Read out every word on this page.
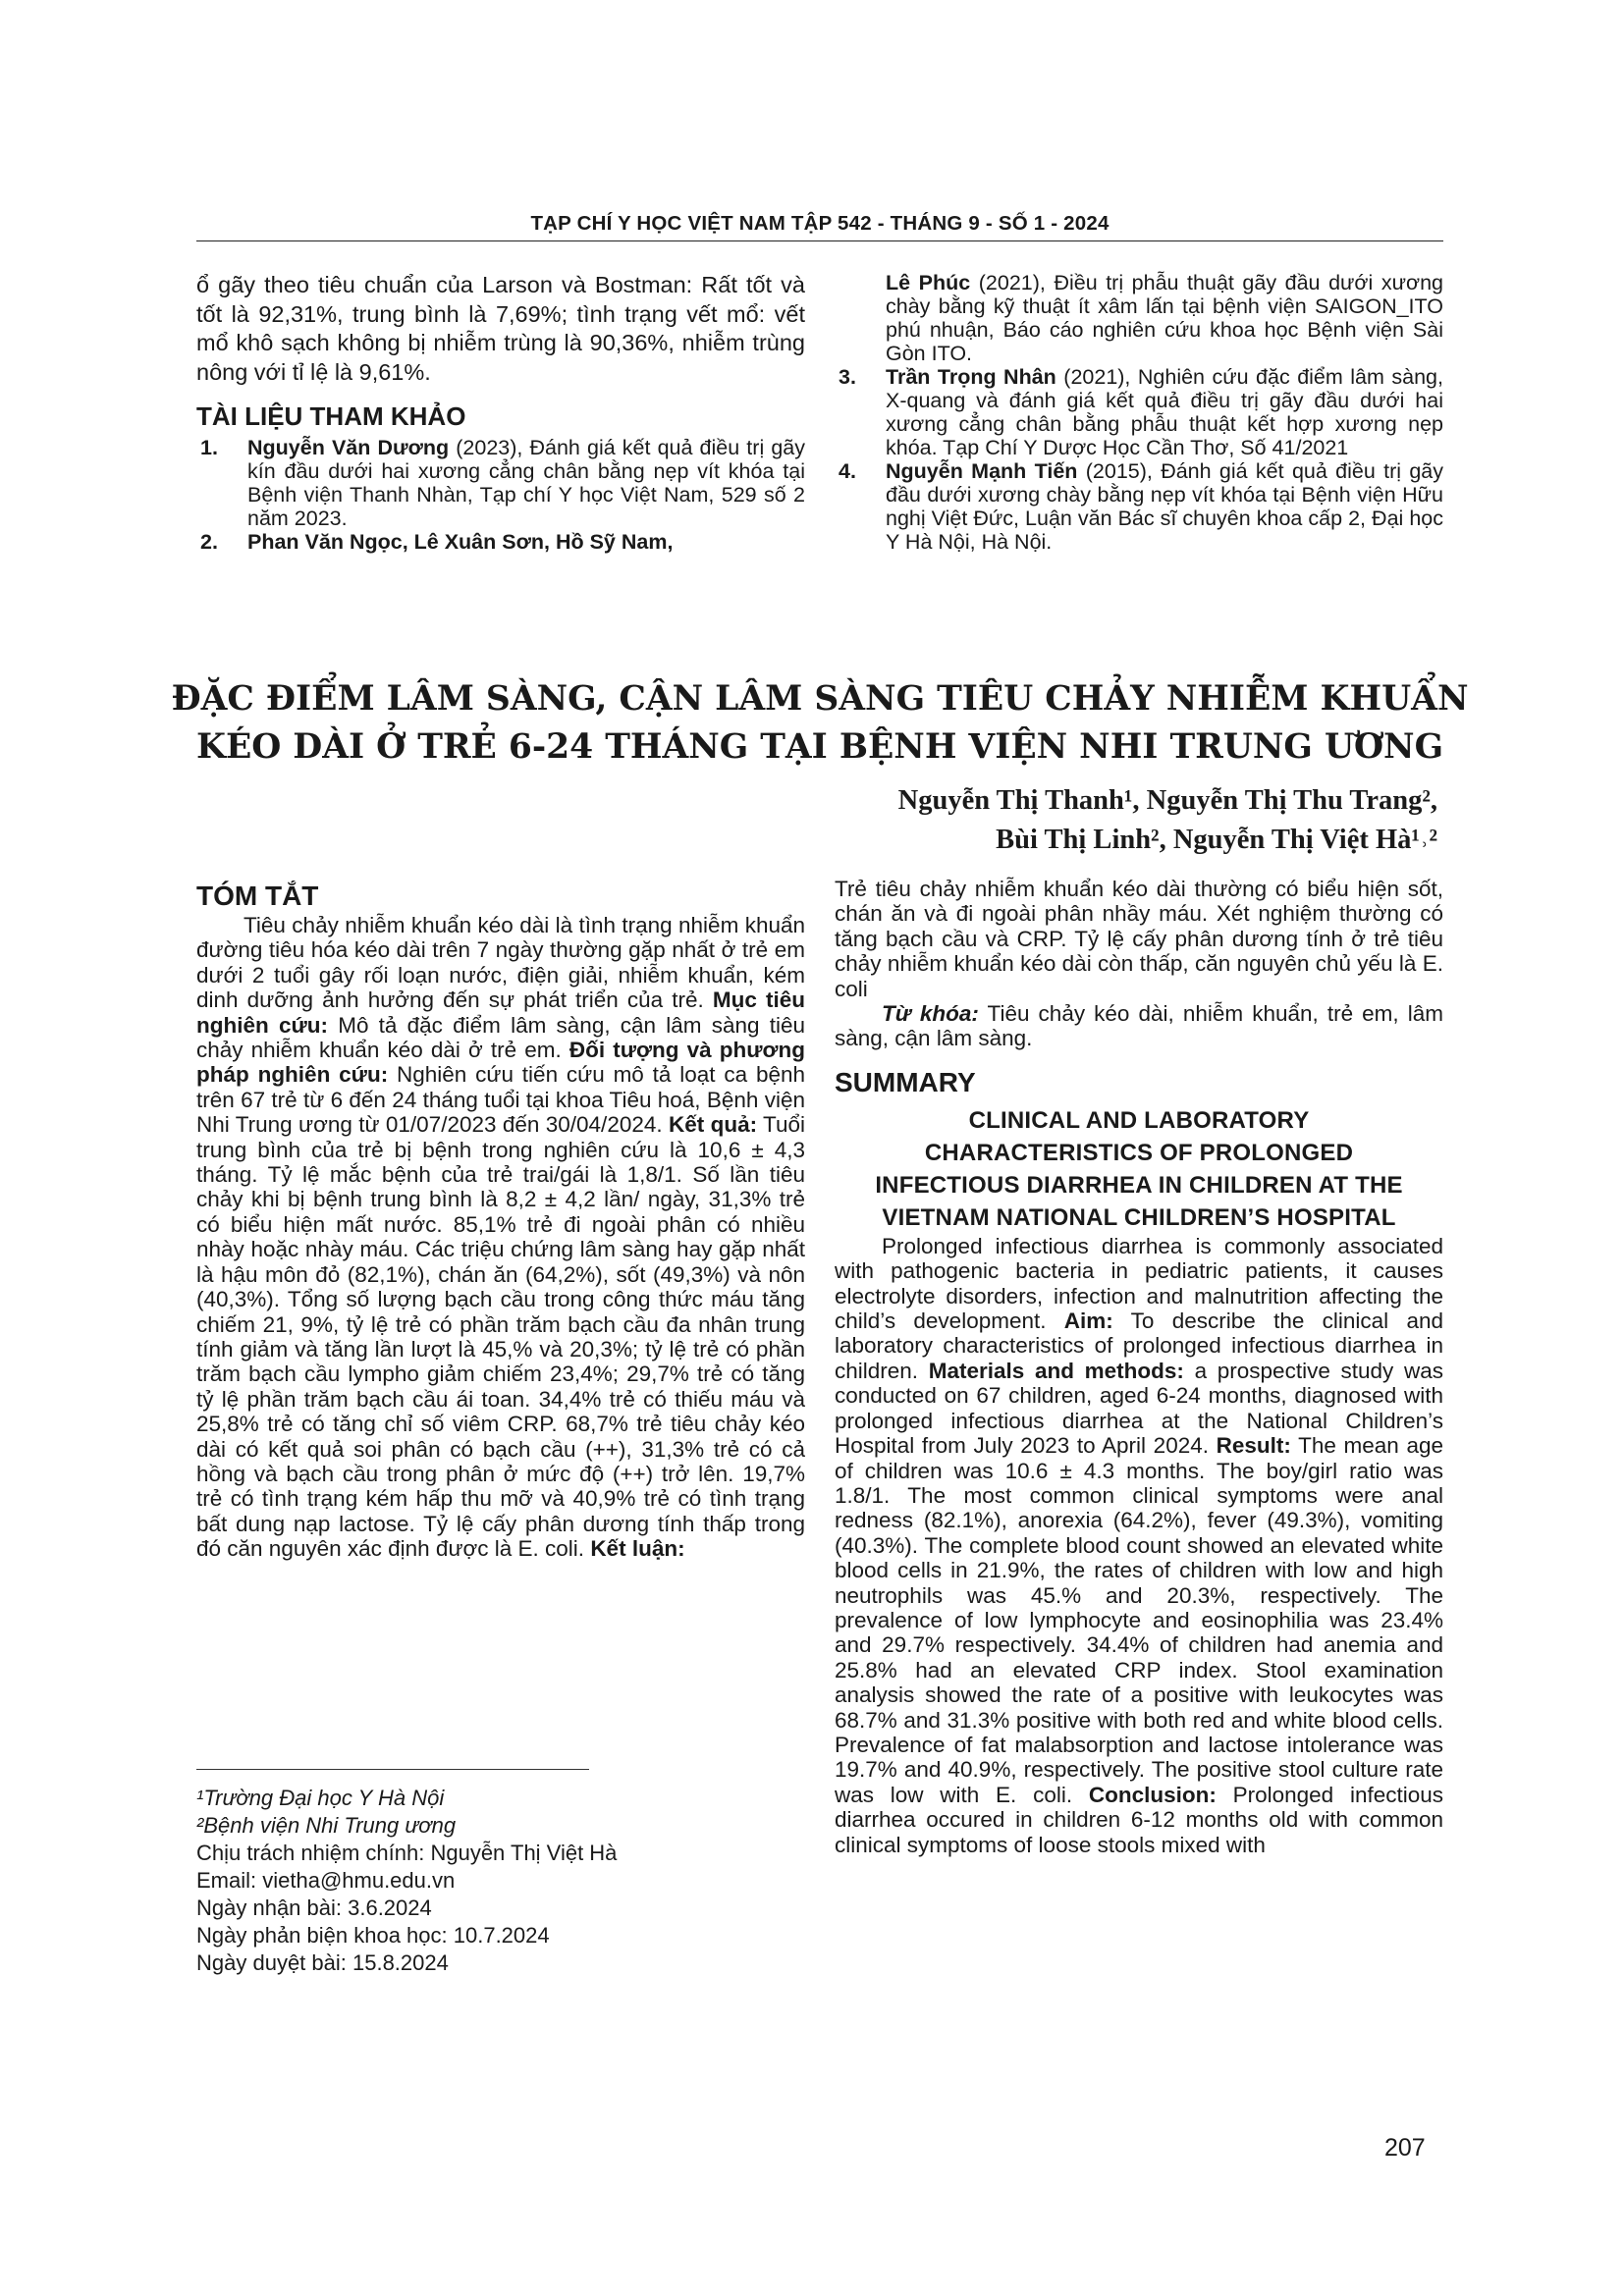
TẠP CHÍ Y HỌC VIỆT NAM TẬP 542 - THÁNG 9 - SỐ 1 - 2024
ổ gãy theo tiêu chuẩn của Larson và Bostman: Rất tốt và tốt là 92,31%, trung bình là 7,69%; tình trạng vết mổ: vết mổ khô sạch không bị nhiễm trùng là 90,36%, nhiễm trùng nông với tỉ lệ là 9,61%.
TÀI LIỆU THAM KHẢO
1.	Nguyễn Văn Dương (2023), Đánh giá kết quả điều trị gãy kín đầu dưới hai xương cẳng chân bằng nẹp vít khóa tại Bệnh viện Thanh Nhàn, Tạp chí Y học Việt Nam, 529 số 2 năm 2023.
2.	Phan Văn Ngọc, Lê Xuân Sơn, Hồ Sỹ Nam,
Lê Phúc (2021), Điều trị phẫu thuật gãy đầu dưới xương chày bằng kỹ thuật ít xâm lấn tại bệnh viện SAIGON_ITO phú nhuận, Báo cáo nghiên cứu khoa học Bệnh viện Sài Gòn ITO.
3.	Trần Trọng Nhân (2021), Nghiên cứu đặc điểm lâm sàng, X-quang và đánh giá kết quả điều trị gãy đầu dưới hai xương cẳng chân bằng phẫu thuật kết hợp xương nẹp khóa. Tạp Chí Y Dược Học Cần Thơ, Số 41/2021
4.	Nguyễn Mạnh Tiến (2015), Đánh giá kết quả điều trị gãy đầu dưới xương chày bằng nẹp vít khóa tại Bệnh viện Hữu nghị Việt Đức, Luận văn Bác sĩ chuyên khoa cấp 2, Đại học Y Hà Nội, Hà Nội.
ĐẶC ĐIỂM LÂM SÀNG, CẬN LÂM SÀNG TIÊU CHẢY NHIỄM KHUẨN
KÉO DÀI Ở TRẺ 6-24 THÁNG TẠI BỆNH VIỆN NHI TRUNG ƯƠNG
Nguyễn Thị Thanh¹, Nguyễn Thị Thu Trang²,
Bùi Thị Linh², Nguyễn Thị Việt Hà¹˒²
TÓM TẮT
Tiêu chảy nhiễm khuẩn kéo dài là tình trạng nhiễm khuẩn đường tiêu hóa kéo dài trên 7 ngày thường gặp nhất ở trẻ em dưới 2 tuổi gây rối loạn nước, điện giải, nhiễm khuẩn, kém dinh dưỡng ảnh hưởng đến sự phát triển của trẻ. Mục tiêu nghiên cứu: Mô tả đặc điểm lâm sàng, cận lâm sàng tiêu chảy nhiễm khuẩn kéo dài ở trẻ em. Đối tượng và phương pháp nghiên cứu: Nghiên cứu tiến cứu mô tả loạt ca bệnh trên 67 trẻ từ 6 đến 24 tháng tuổi tại khoa Tiêu hoá, Bệnh viện Nhi Trung ương từ 01/07/2023 đến 30/04/2024. Kết quả: Tuổi trung bình của trẻ bị bệnh trong nghiên cứu là 10,6 ± 4,3 tháng. Tỷ lệ mắc bệnh của trẻ trai/gái là 1,8/1. Số lần tiêu chảy khi bị bệnh trung bình là 8,2 ± 4,2 lần/ ngày, 31,3% trẻ có biểu hiện mất nước. 85,1% trẻ đi ngoài phân có nhiều nhày hoặc nhày máu. Các triệu chứng lâm sàng hay gặp nhất là hậu môn đỏ (82,1%), chán ăn (64,2%), sốt (49,3%) và nôn (40,3%). Tổng số lượng bạch cầu trong công thức máu tăng chiếm 21, 9%, tỷ lệ trẻ có phần trăm bạch cầu đa nhân trung tính giảm và tăng lần lượt là 45,% và 20,3%; tỷ lệ trẻ có phần trăm bạch cầu lympho giảm chiếm 23,4%; 29,7% trẻ có tăng tỷ lệ phần trăm bạch cầu ái toan. 34,4% trẻ có thiếu máu và 25,8% trẻ có tăng chỉ số viêm CRP. 68,7% trẻ tiêu chảy kéo dài có kết quả soi phân có bạch cầu (++), 31,3% trẻ có cả hồng và bạch cầu trong phân ở mức độ (++) trở lên. 19,7% trẻ có tình trạng kém hấp thu mỡ và 40,9% trẻ có tình trạng bất dung nạp lactose. Tỷ lệ cấy phân dương tính thấp trong đó căn nguyên xác định được là E. coli. Kết luận:
¹Trường Đại học Y Hà Nội
²Bệnh viện Nhi Trung ương
Chịu trách nhiệm chính: Nguyễn Thị Việt Hà
Email: vietha@hmu.edu.vn
Ngày nhận bài: 3.6.2024
Ngày phản biện khoa học: 10.7.2024
Ngày duyệt bài: 15.8.2024
Trẻ tiêu chảy nhiễm khuẩn kéo dài thường có biểu hiện sốt, chán ăn và đi ngoài phân nhầy máu. Xét nghiệm thường có tăng bạch cầu và CRP. Tỷ lệ cấy phân dương tính ở trẻ tiêu chảy nhiễm khuẩn kéo dài còn thấp, căn nguyên chủ yếu là E. coli
Từ khóa: Tiêu chảy kéo dài, nhiễm khuẩn, trẻ em, lâm sàng, cận lâm sàng.
SUMMARY
CLINICAL AND LABORATORY
CHARACTERISTICS OF PROLONGED
INFECTIOUS DIARRHEA IN CHILDREN AT THE
VIETNAM NATIONAL CHILDREN’S HOSPITAL
Prolonged infectious diarrhea is commonly associated with pathogenic bacteria in pediatric patients, it causes electrolyte disorders, infection and malnutrition affecting the child’s development. Aim: To describe the clinical and laboratory characteristics of prolonged infectious diarrhea in children. Materials and methods: a prospective study was conducted on 67 children, aged 6-24 months, diagnosed with prolonged infectious diarrhea at the National Children’s Hospital from July 2023 to April 2024. Result: The mean age of children was 10.6 ± 4.3 months. The boy/girl ratio was 1.8/1. The most common clinical symptoms were anal redness (82.1%), anorexia (64.2%), fever (49.3%), vomiting (40.3%). The complete blood count showed an elevated white blood cells in 21.9%, the rates of children with low and high neutrophils was 45.% and 20.3%, respectively. The prevalence of low lymphocyte and eosinophilia was 23.4% and 29.7% respectively. 34.4% of children had anemia and 25.8% had an elevated CRP index. Stool examination analysis showed the rate of a positive with leukocytes was 68.7% and 31.3% positive with both red and white blood cells. Prevalence of fat malabsorption and lactose intolerance was 19.7% and 40.9%, respectively. The positive stool culture rate was low with E. coli. Conclusion: Prolonged infectious diarrhea occured in children 6-12 months old with common clinical symptoms of loose stools mixed with
207
